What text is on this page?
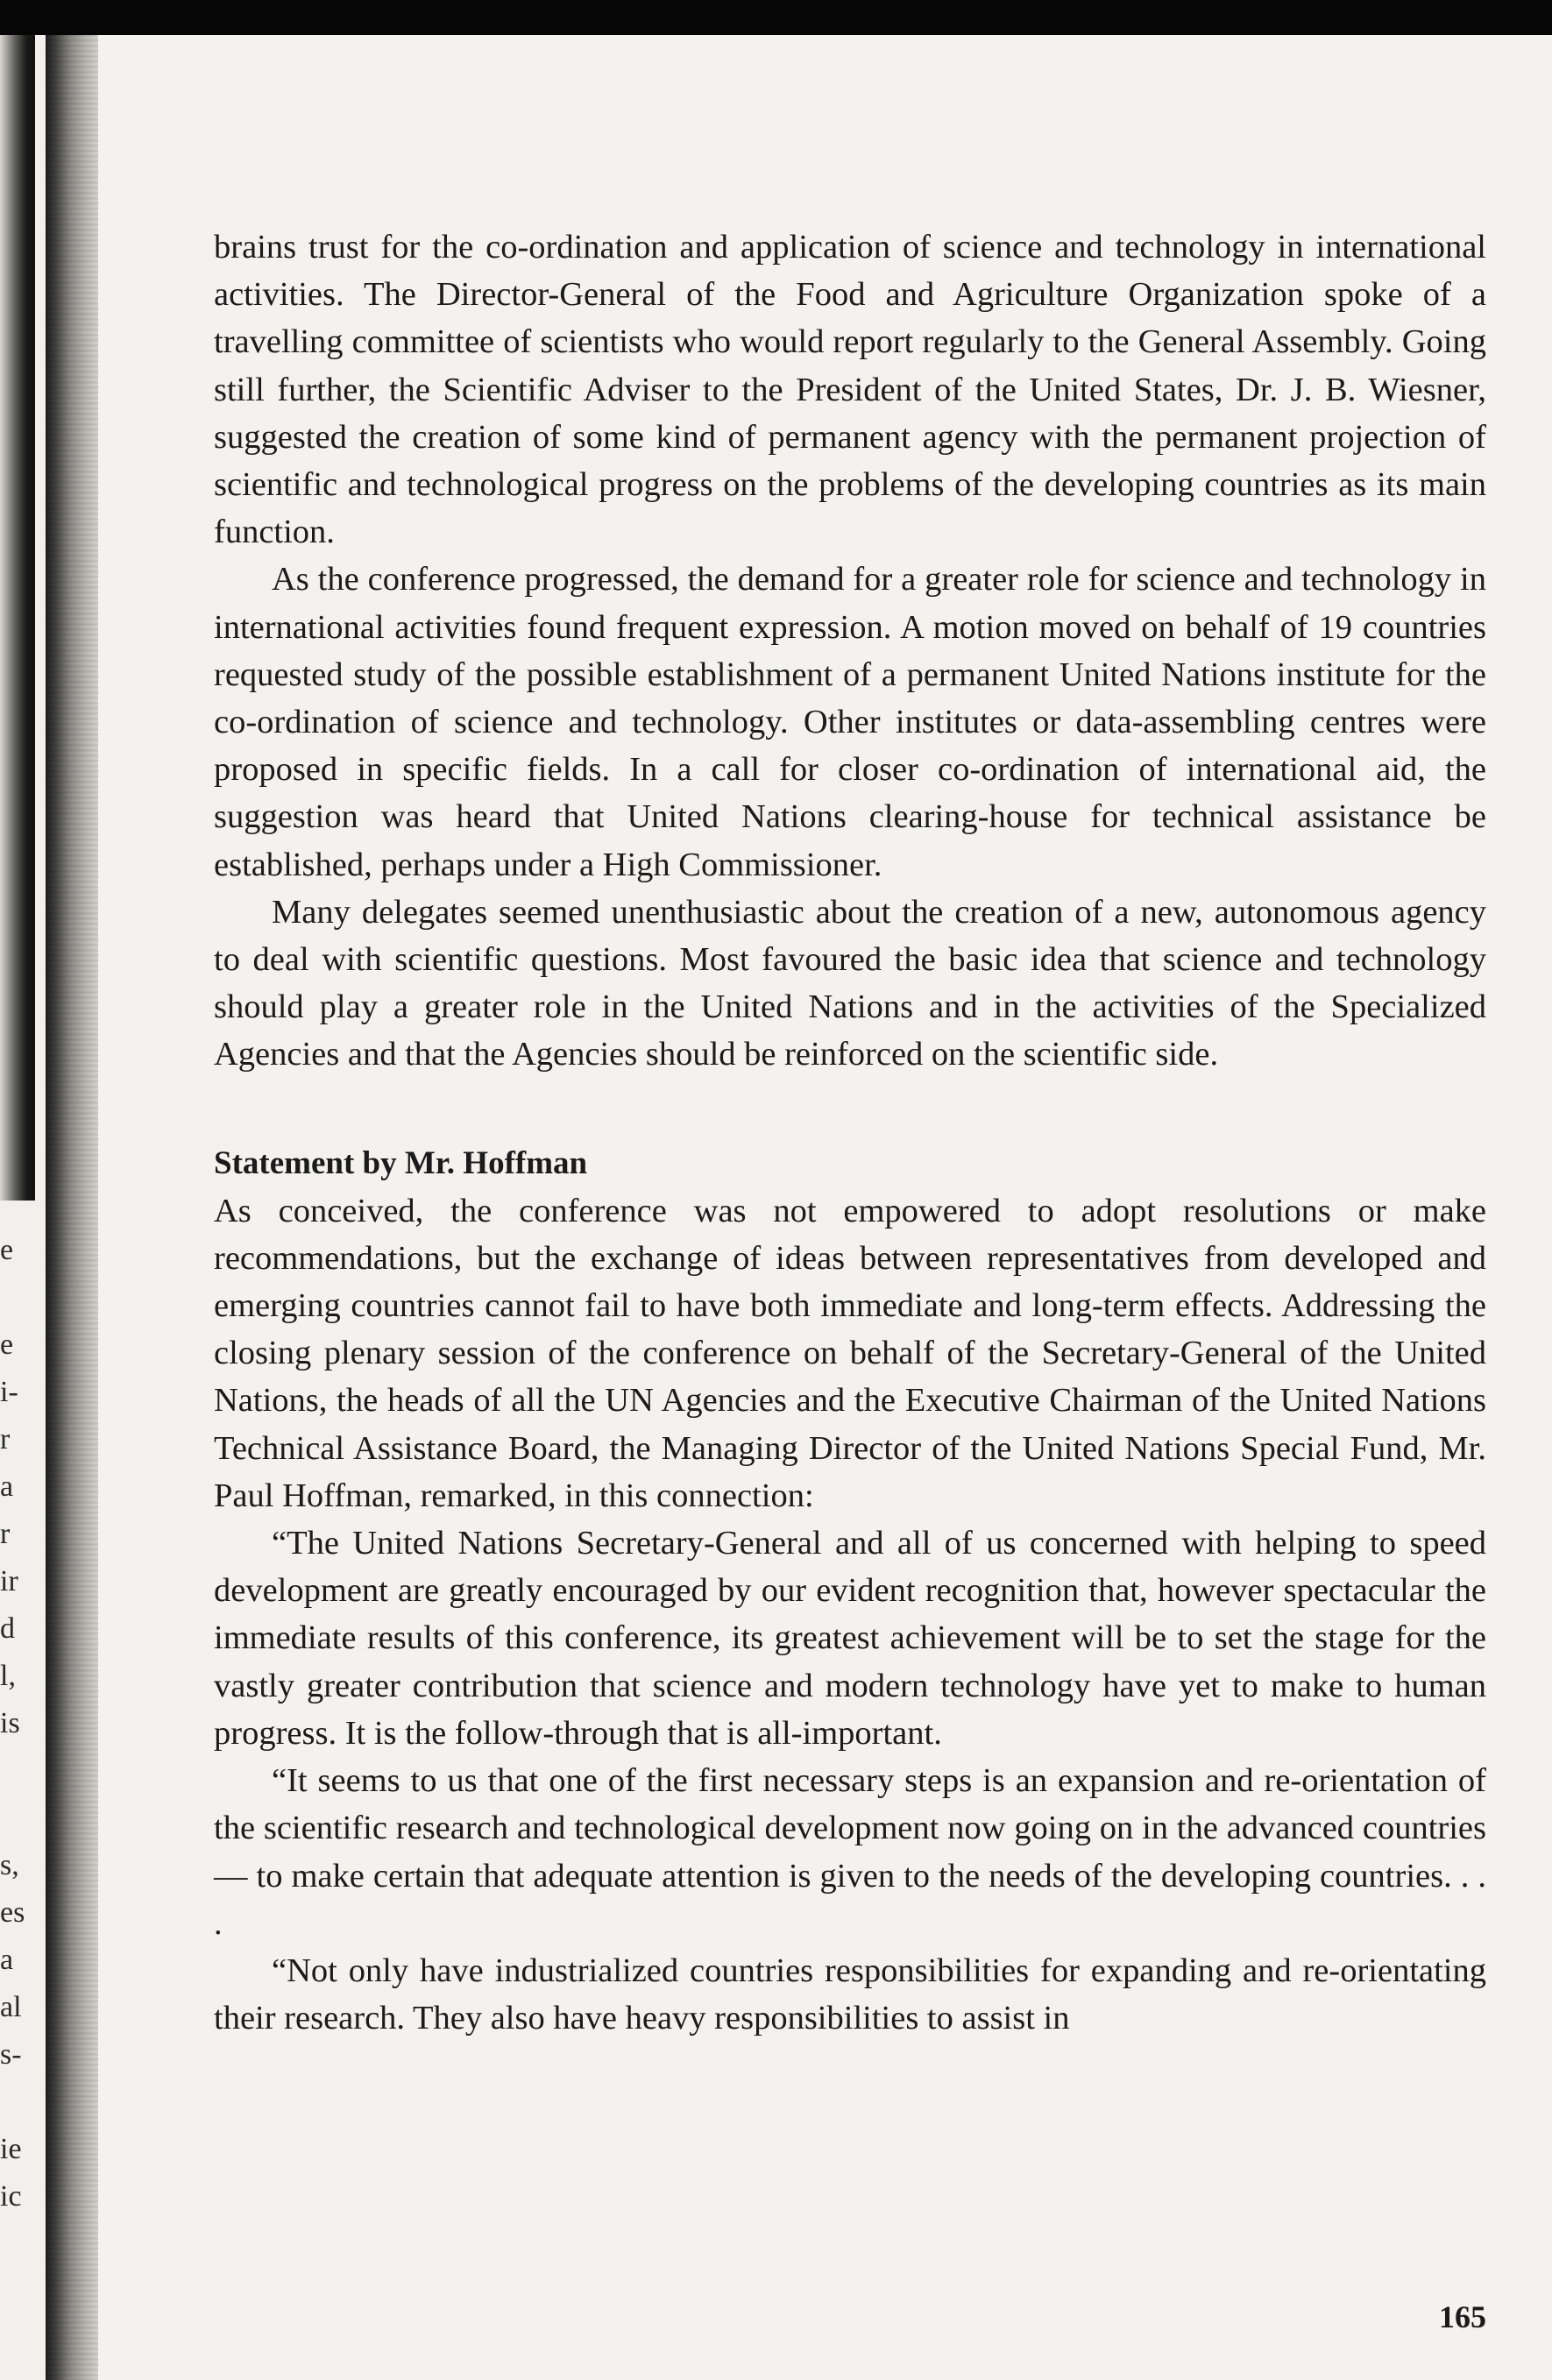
e
e
i-
r
a
r
ir
d
l,
is
s,
es
a
al
s-
ie
ic

brains trust for the co-ordination and application of science and technology in international activities. The Director-General of the Food and Agriculture Organization spoke of a travelling committee of scientists who would report regularly to the General Assembly. Going still further, the Scientific Adviser to the President of the United States, Dr. J. B. Wiesner, suggested the creation of some kind of permanent agency with the permanent projection of scientific and technological progress on the problems of the developing countries as its main function.

As the conference progressed, the demand for a greater role for science and technology in international activities found frequent expression. A motion moved on behalf of 19 countries requested study of the possible establishment of a permanent United Nations institute for the co-ordination of science and technology. Other institutes or data-assembling centres were proposed in specific fields. In a call for closer co-ordination of international aid, the suggestion was heard that United Nations clearing-house for technical assistance be established, perhaps under a High Commissioner.

Many delegates seemed unenthusiastic about the creation of a new, autonomous agency to deal with scientific questions. Most favoured the basic idea that science and technology should play a greater role in the United Nations and in the activities of the Specialized Agencies and that the Agencies should be reinforced on the scientific side.

Statement by Mr. Hoffman

As conceived, the conference was not empowered to adopt resolutions or make recommendations, but the exchange of ideas between representatives from developed and emerging countries cannot fail to have both immediate and long-term effects. Addressing the closing plenary session of the conference on behalf of the Secretary-General of the United Nations, the heads of all the UN Agencies and the Executive Chairman of the United Nations Technical Assistance Board, the Managing Director of the United Nations Special Fund, Mr. Paul Hoffman, remarked, in this connection:

“The United Nations Secretary-General and all of us concerned with helping to speed development are greatly encouraged by our evident recognition that, however spectacular the immediate results of this conference, its greatest achievement will be to set the stage for the vastly greater contribution that science and modern technology have yet to make to human progress. It is the follow-through that is all-important.

“It seems to us that one of the first necessary steps is an expansion and re-orientation of the scientific research and technological development now going on in the advanced countries — to make certain that adequate attention is given to the needs of the developing countries. . . .

“Not only have industrialized countries responsibilities for expanding and re-orientating their research. They also have heavy responsibilities to assist in

165
